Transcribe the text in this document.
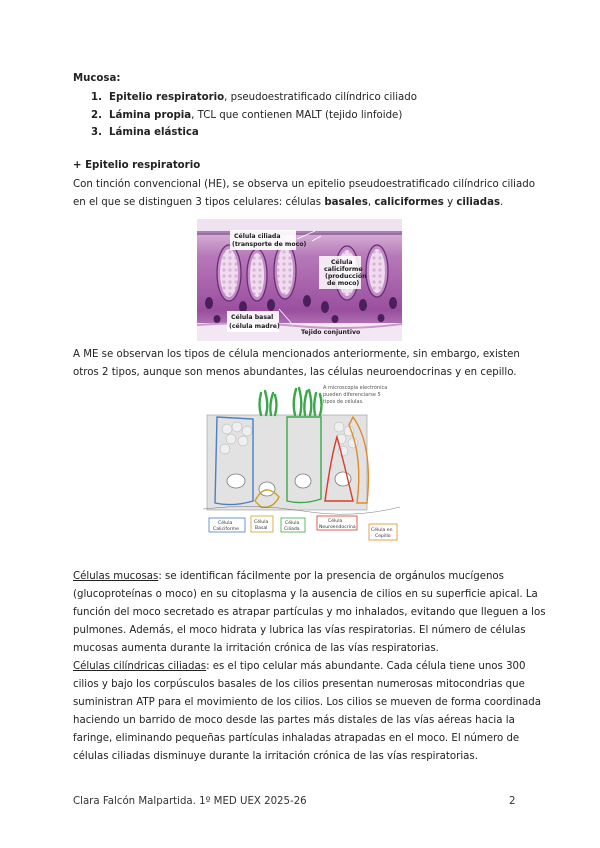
Mucosa:
1. Epitelio respiratorio, pseudoestratificado cilíndrico ciliado
2. Lámina propia, TCL que contienen MALT (tejido linfoide)
3. Lámina elástica
+ Epitelio respiratorio
Con tinción convencional (HE), se observa un epitelio pseudoestratificado cilíndrico ciliado
en el que se distinguen 3 tipos celulares: células basales, caliciformes y ciliadas.
Célula ciliada
(transporte de moco)
Célula
caliciforme
(producción
de moco)
Célula basal
(célula madre)
Tejido conjuntivo
A ME se observan los tipos de célula mencionados anteriormente, sin embargo, existen
otros 2 tipos, aunque son menos abundantes, las células neuroendocrinas y en cepillo.
A microscopía electrónica
pueden diferenciarse 5
tipos de células.
Célula
Caliciforme
Célula
Basal
Célula
Ciliada
Célula
Neuroendocrina
Célula en
Cepillo
Células mucosas: se identifican fácilmente por la presencia de orgánulos mucígenos
(glucoproteínas o moco) en su citoplasma y la ausencia de cilios en su superficie apical. La
función del moco secretado es atrapar partículas y mo inhalados, evitando que lleguen a los
pulmones. Además, el moco hidrata y lubrica las vías respiratorias. El número de células
mucosas aumenta durante la irritación crónica de las vías respiratorias.
Células cilíndricas ciliadas: es el tipo celular más abundante. Cada célula tiene unos 300
cilios y bajo los corpúsculos basales de los cilios presentan numerosas mitocondrias que
suministran ATP para el movimiento de los cilios. Los cilios se mueven de forma coordinada
haciendo un barrido de moco desde las partes más distales de las vías aéreas hacia la
faringe, eliminando pequeñas partículas inhaladas atrapadas en el moco. El número de
células ciliadas disminuye durante la irritación crónica de las vías respiratorias.
Clara Falcón Malpartida. 1º MED UEX 2025-26	2
